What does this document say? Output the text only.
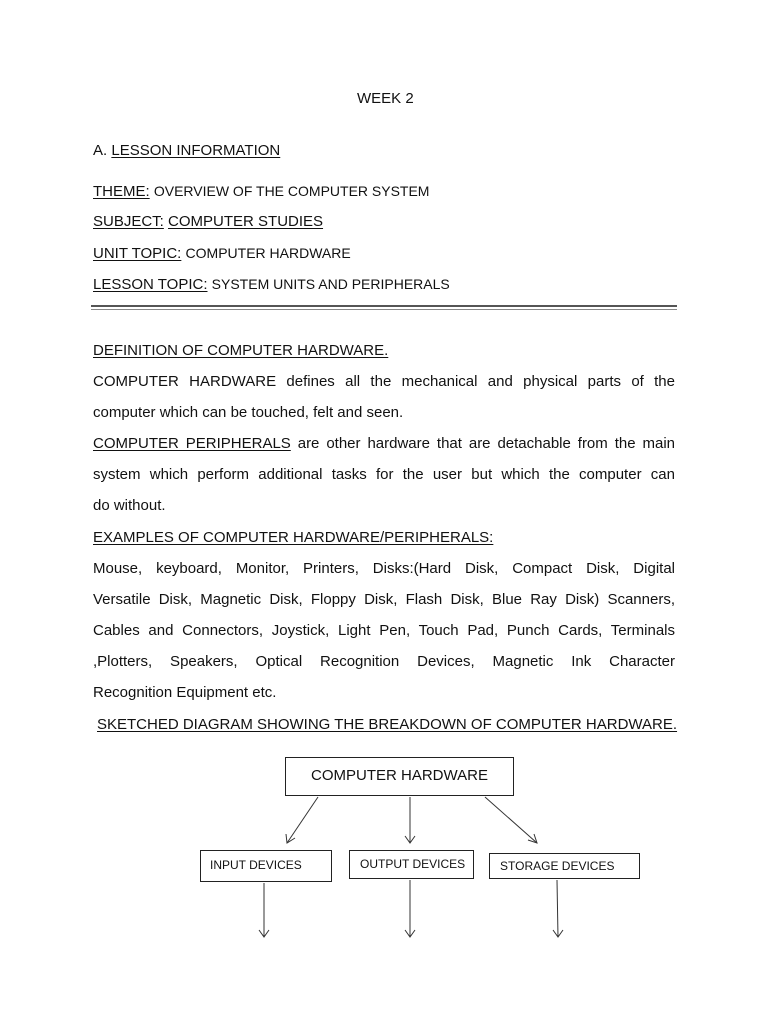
WEEK 2
A. LESSON INFORMATION
THEME: OVERVIEW OF THE COMPUTER SYSTEM
SUBJECT: COMPUTER STUDIES
UNIT TOPIC: COMPUTER HARDWARE
LESSON TOPIC: SYSTEM UNITS AND PERIPHERALS
DEFINITION OF COMPUTER HARDWARE.
COMPUTER HARDWARE defines all the mechanical and physical parts of the
computer which can be touched, felt and seen.
COMPUTER PERIPHERALS are other hardware that are detachable from the main
system which perform additional tasks for the user but which the computer can
do without.
EXAMPLES OF COMPUTER HARDWARE/PERIPHERALS:
Mouse, keyboard, Monitor, Printers, Disks:(Hard Disk, Compact Disk, Digital
Versatile Disk, Magnetic Disk, Floppy Disk, Flash Disk, Blue Ray Disk) Scanners,
Cables and Connectors, Joystick, Light Pen, Touch Pad, Punch Cards, Terminals
,Plotters, Speakers, Optical Recognition Devices, Magnetic Ink Character
Recognition Equipment etc.
SKETCHED DIAGRAM SHOWING THE BREAKDOWN OF COMPUTER HARDWARE.
COMPUTER HARDWARE
INPUT DEVICES	OUTPUT DEVICES	STORAGE DEVICES
